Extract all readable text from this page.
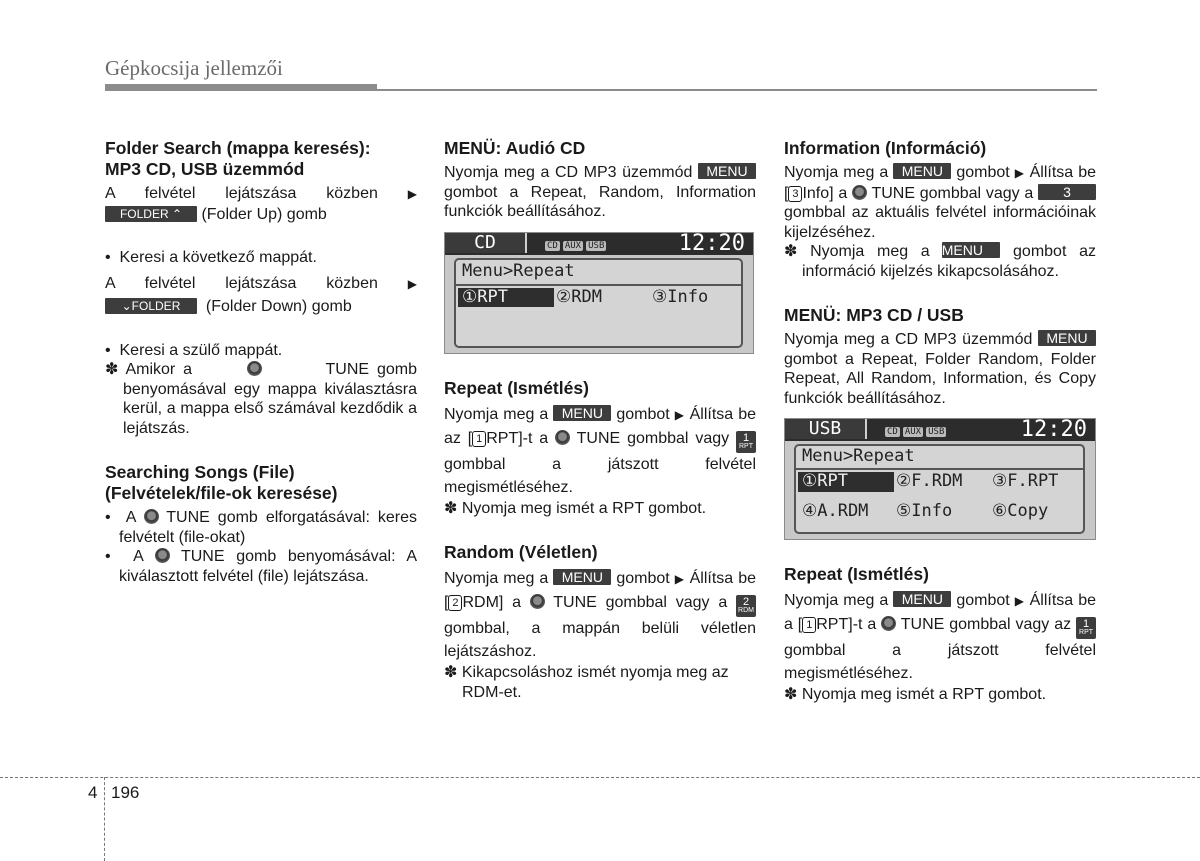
Gépkocsija jellemzői
Folder Search (mappa keresés):
MP3 CD, USB üzemmód

A felvétel lejátszása közben ▶

FOLDER ⌃ (Folder Up) gomb

• Keresi a következő mappát.

A felvétel lejátszása közben ▶

⌄FOLDER (Folder Down) gomb

• Keresi a szülő mappát.

✽ Amikor a	TUNE gomb benyomásával egy mappa kiválasztásra kerül, a mappa első számával kezdődik a lejátszás.

Searching Songs (File)
(Felvételek/file-ok keresése)

• A TUNE gomb elforgatásával: keres felvételt (file-okat)

• A TUNE gomb benyomásával: A kiválasztott felvétel (file) lejátszása.

MENÜ: Audió CD

Nyomja meg a CD MP3 üzemmód MENU gombot a Repeat, Random, Information funkciók beállításához.

CD	CD AUX USB	12:20
Menu>Repeat
①RPT	②RDM	③Info
Repeat (Ismétlés)

Nyomja meg a MENU gombot ▶ Állítsa be az [ 1 RPT]-t a TUNE gombbal vagy	1
RPT
gombbal a játszott felvétel megismétléséhez.

✽ Nyomja meg ismét a RPT gombot.

Random (Véletlen)

Nyomja meg a MENU gombot ▶ Állítsa be [ 2 RDM] a TUNE gombbal vagy a	2
RDM
gombbal, a mappán belüli véletlen lejátszáshoz.

✽ Kikapcsoláshoz ismét nyomja meg az RDM-et.

Information (Információ)

Nyomja meg a MENU gombot ▶ Állítsa be [ 3 Info] a TUNE gombbal vagy a 3 gombbal az aktuális felvétel információinak kijelzéséhez.

✽ Nyomja meg a MENU gombot az információ kijelzés kikapcsolásához.

MENÜ: MP3 CD / USB

Nyomja meg a CD MP3 üzemmód MENU gombot a Repeat, Folder Random, Folder Repeat, All Random, Information, és Copy funkciók beállításához.

USB	CD AUX USB	12:20
Menu>Repeat
①RPT	②F.RDM ③F.RPT
④A.RDM ⑤Info ⑥Copy
Repeat (Ismétlés)

Nyomja meg a MENU gombot ▶ Állítsa be a [ 1 RPT]-t a TUNE gombbal vagy az	1
RPT
gombbal a játszott felvétel megismétléséhez.

✽ Nyomja meg ismét a RPT gombot.

4 196
